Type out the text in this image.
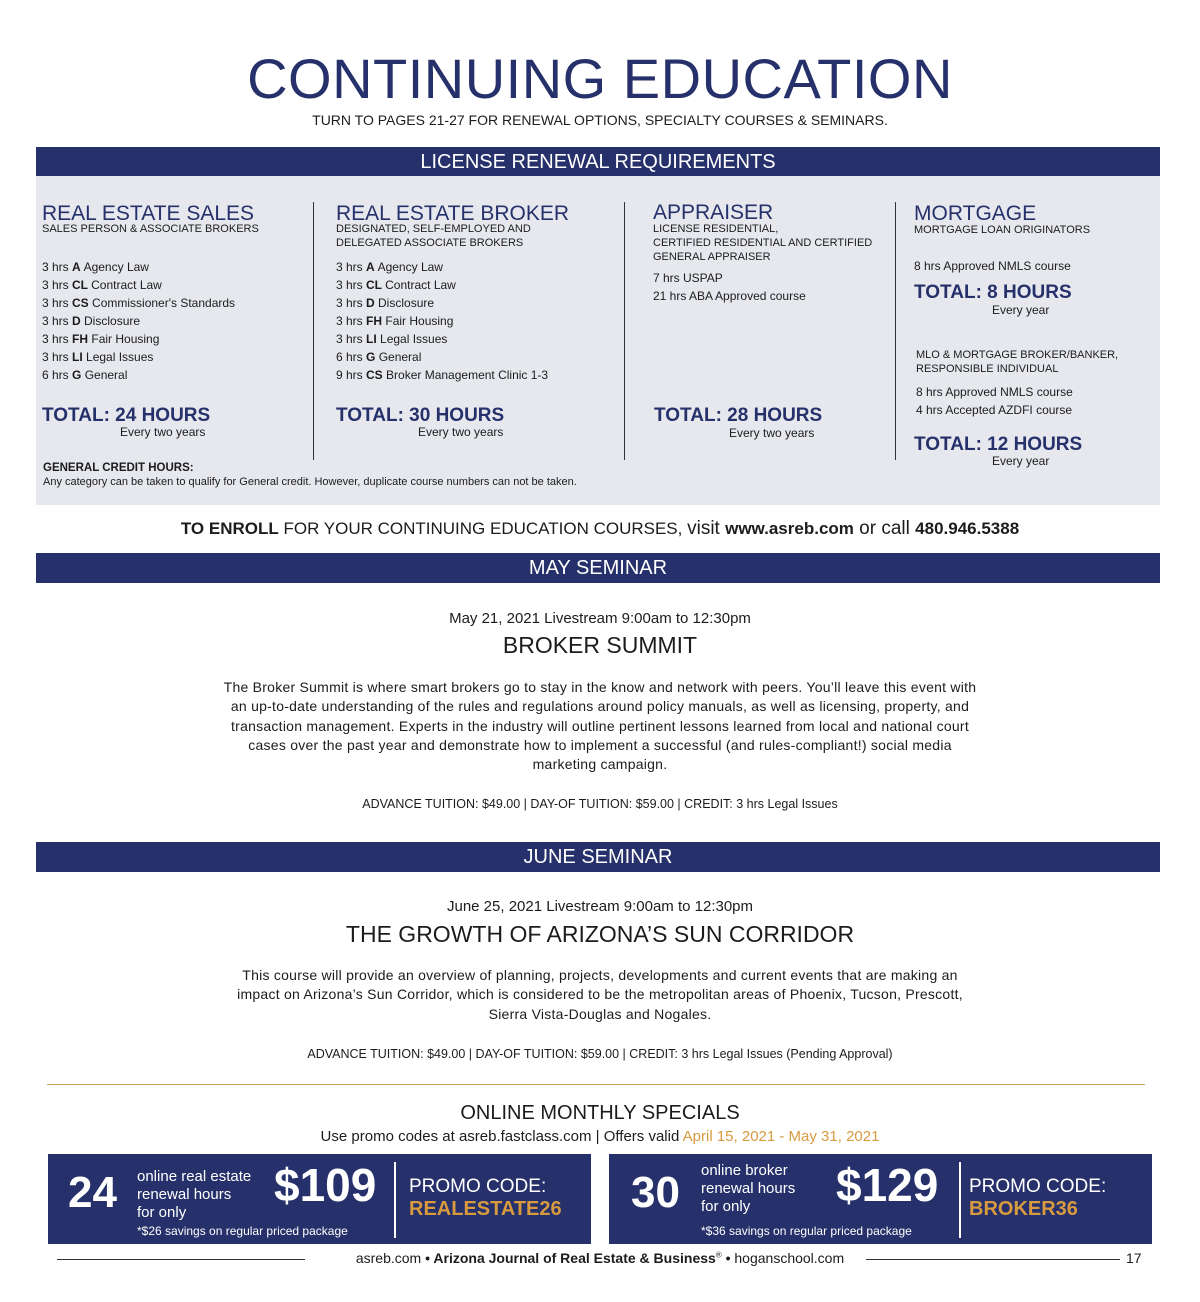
CONTINUING EDUCATION
TURN TO PAGES 21-27 FOR RENEWAL OPTIONS, SPECIALTY COURSES & SEMINARS.
LICENSE RENEWAL REQUIREMENTS
REAL ESTATE SALES
SALES PERSON & ASSOCIATE BROKERS
3 hrs A Agency Law
3 hrs CL Contract Law
3 hrs CS Commissioner's Standards
3 hrs D Disclosure
3 hrs FH Fair Housing
3 hrs LI Legal Issues
6 hrs G General
TOTAL: 24 HOURS
Every two years
REAL ESTATE BROKER
DESIGNATED, SELF-EMPLOYED AND
DELEGATED ASSOCIATE BROKERS
3 hrs A Agency Law
3 hrs CL Contract Law
3 hrs D Disclosure
3 hrs FH Fair Housing
3 hrs LI Legal Issues
6 hrs G General
9 hrs CS Broker Management Clinic 1-3
TOTAL: 30 HOURS
Every two years
APPRAISER
LICENSE RESIDENTIAL,
CERTIFIED RESIDENTIAL AND CERTIFIED
GENERAL APPRAISER
7 hrs USPAP
21 hrs ABA Approved course
TOTAL: 28 HOURS
Every two years
MORTGAGE
MORTGAGE LOAN ORIGINATORS
8 hrs Approved NMLS course
TOTAL: 8 HOURS
Every year
MLO & MORTGAGE BROKER/BANKER,
RESPONSIBLE INDIVIDUAL
8 hrs Approved NMLS course
4 hrs Accepted AZDFI course
TOTAL: 12 HOURS
Every year
GENERAL CREDIT HOURS:
Any category can be taken to qualify for General credit. However, duplicate course numbers can not be taken.
TO ENROLL FOR YOUR CONTINUING EDUCATION COURSES, visit www.asreb.com or call 480.946.5388
MAY SEMINAR
May 21, 2021 Livestream 9:00am to 12:30pm
BROKER SUMMIT
The Broker Summit is where smart brokers go to stay in the know and network with peers. You’ll leave this event with an up-to-date understanding of the rules and regulations around policy manuals, as well as licensing, property, and transaction management. Experts in the industry will outline pertinent lessons learned from local and national court cases over the past year and demonstrate how to implement a successful (and rules-compliant!) social media marketing campaign.
ADVANCE TUITION: $49.00 | DAY-OF TUITION: $59.00 | CREDIT: 3 hrs Legal Issues
JUNE SEMINAR
June 25, 2021 Livestream 9:00am to 12:30pm
THE GROWTH OF ARIZONA’S SUN CORRIDOR
This course will provide an overview of planning, projects, developments and current events that are making an impact on Arizona’s Sun Corridor, which is considered to be the metropolitan areas of Phoenix, Tucson, Prescott, Sierra Vista-Douglas and Nogales.
ADVANCE TUITION: $49.00 | DAY-OF TUITION: $59.00 | CREDIT: 3 hrs Legal Issues (Pending Approval)
ONLINE MONTHLY SPECIALS
Use promo codes at asreb.fastclass.com | Offers valid April 15, 2021 - May 31, 2021
24 online real estate
renewal hours
for only
$109
*$26 savings on regular priced package
PROMO CODE:
REALESTATE26 30 online broker
renewal hours
for only	$129
*$36 savings on regular priced package
PROMO CODE:
BROKER36
asreb.com • Arizona Journal of Real Estate & Business® • hoganschool.com	17
